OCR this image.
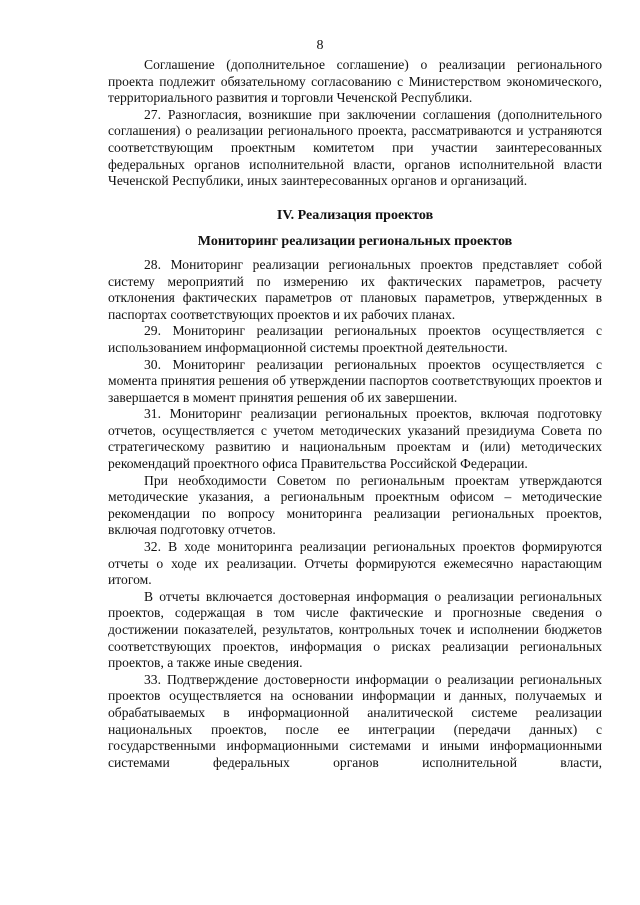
8

Соглашение (дополнительное соглашение) о реализации регионального проекта подлежит обязательному согласованию с Министерством экономического, территориального развития и торговли Чеченской Республики.

27. Разногласия, возникшие при заключении соглашения (дополнительного соглашения) о реализации регионального проекта, рассматриваются и устраняются соответствующим проектным комитетом при участии заинтересованных федеральных органов исполнительной власти, органов исполнительной власти Чеченской Республики, иных заинтересованных органов и организаций.

IV. Реализация проектов
Мониторинг реализации региональных проектов

28. Мониторинг реализации региональных проектов представляет собой систему мероприятий по измерению их фактических параметров, расчету отклонения фактических параметров от плановых параметров, утвержденных в паспортах соответствующих проектов и их рабочих планах.

29. Мониторинг реализации региональных проектов осуществляется с использованием информационной системы проектной деятельности.

30. Мониторинг реализации региональных проектов осуществляется с момента принятия решения об утверждении паспортов соответствующих проектов и завершается в момент принятия решения об их завершении.

31. Мониторинг реализации региональных проектов, включая подготовку отчетов, осуществляется с учетом методических указаний президиума Совета по стратегическому развитию и национальным проектам и (или) методических рекомендаций проектного офиса Правительства Российской Федерации.

При необходимости Советом по региональным проектам утверждаются методические указания, а региональным проектным офисом – методические рекомендации по вопросу мониторинга реализации региональных проектов, включая подготовку отчетов.

32. В ходе мониторинга реализации региональных проектов формируются отчеты о ходе их реализации. Отчеты формируются ежемесячно нарастающим итогом.

В отчеты включается достоверная информация о реализации региональных проектов, содержащая в том числе фактические и прогнозные сведения о достижении показателей, результатов, контрольных точек и исполнении бюджетов соответствующих проектов, информация о рисках реализации региональных проектов, а также иные сведения.

33. Подтверждение достоверности информации о реализации региональных проектов осуществляется на основании информации и данных, получаемых и обрабатываемых в информационной аналитической системе реализации национальных проектов, после ее интеграции (передачи данных) с государственными информационными системами и иными информационными системами федеральных органов исполнительной власти,
